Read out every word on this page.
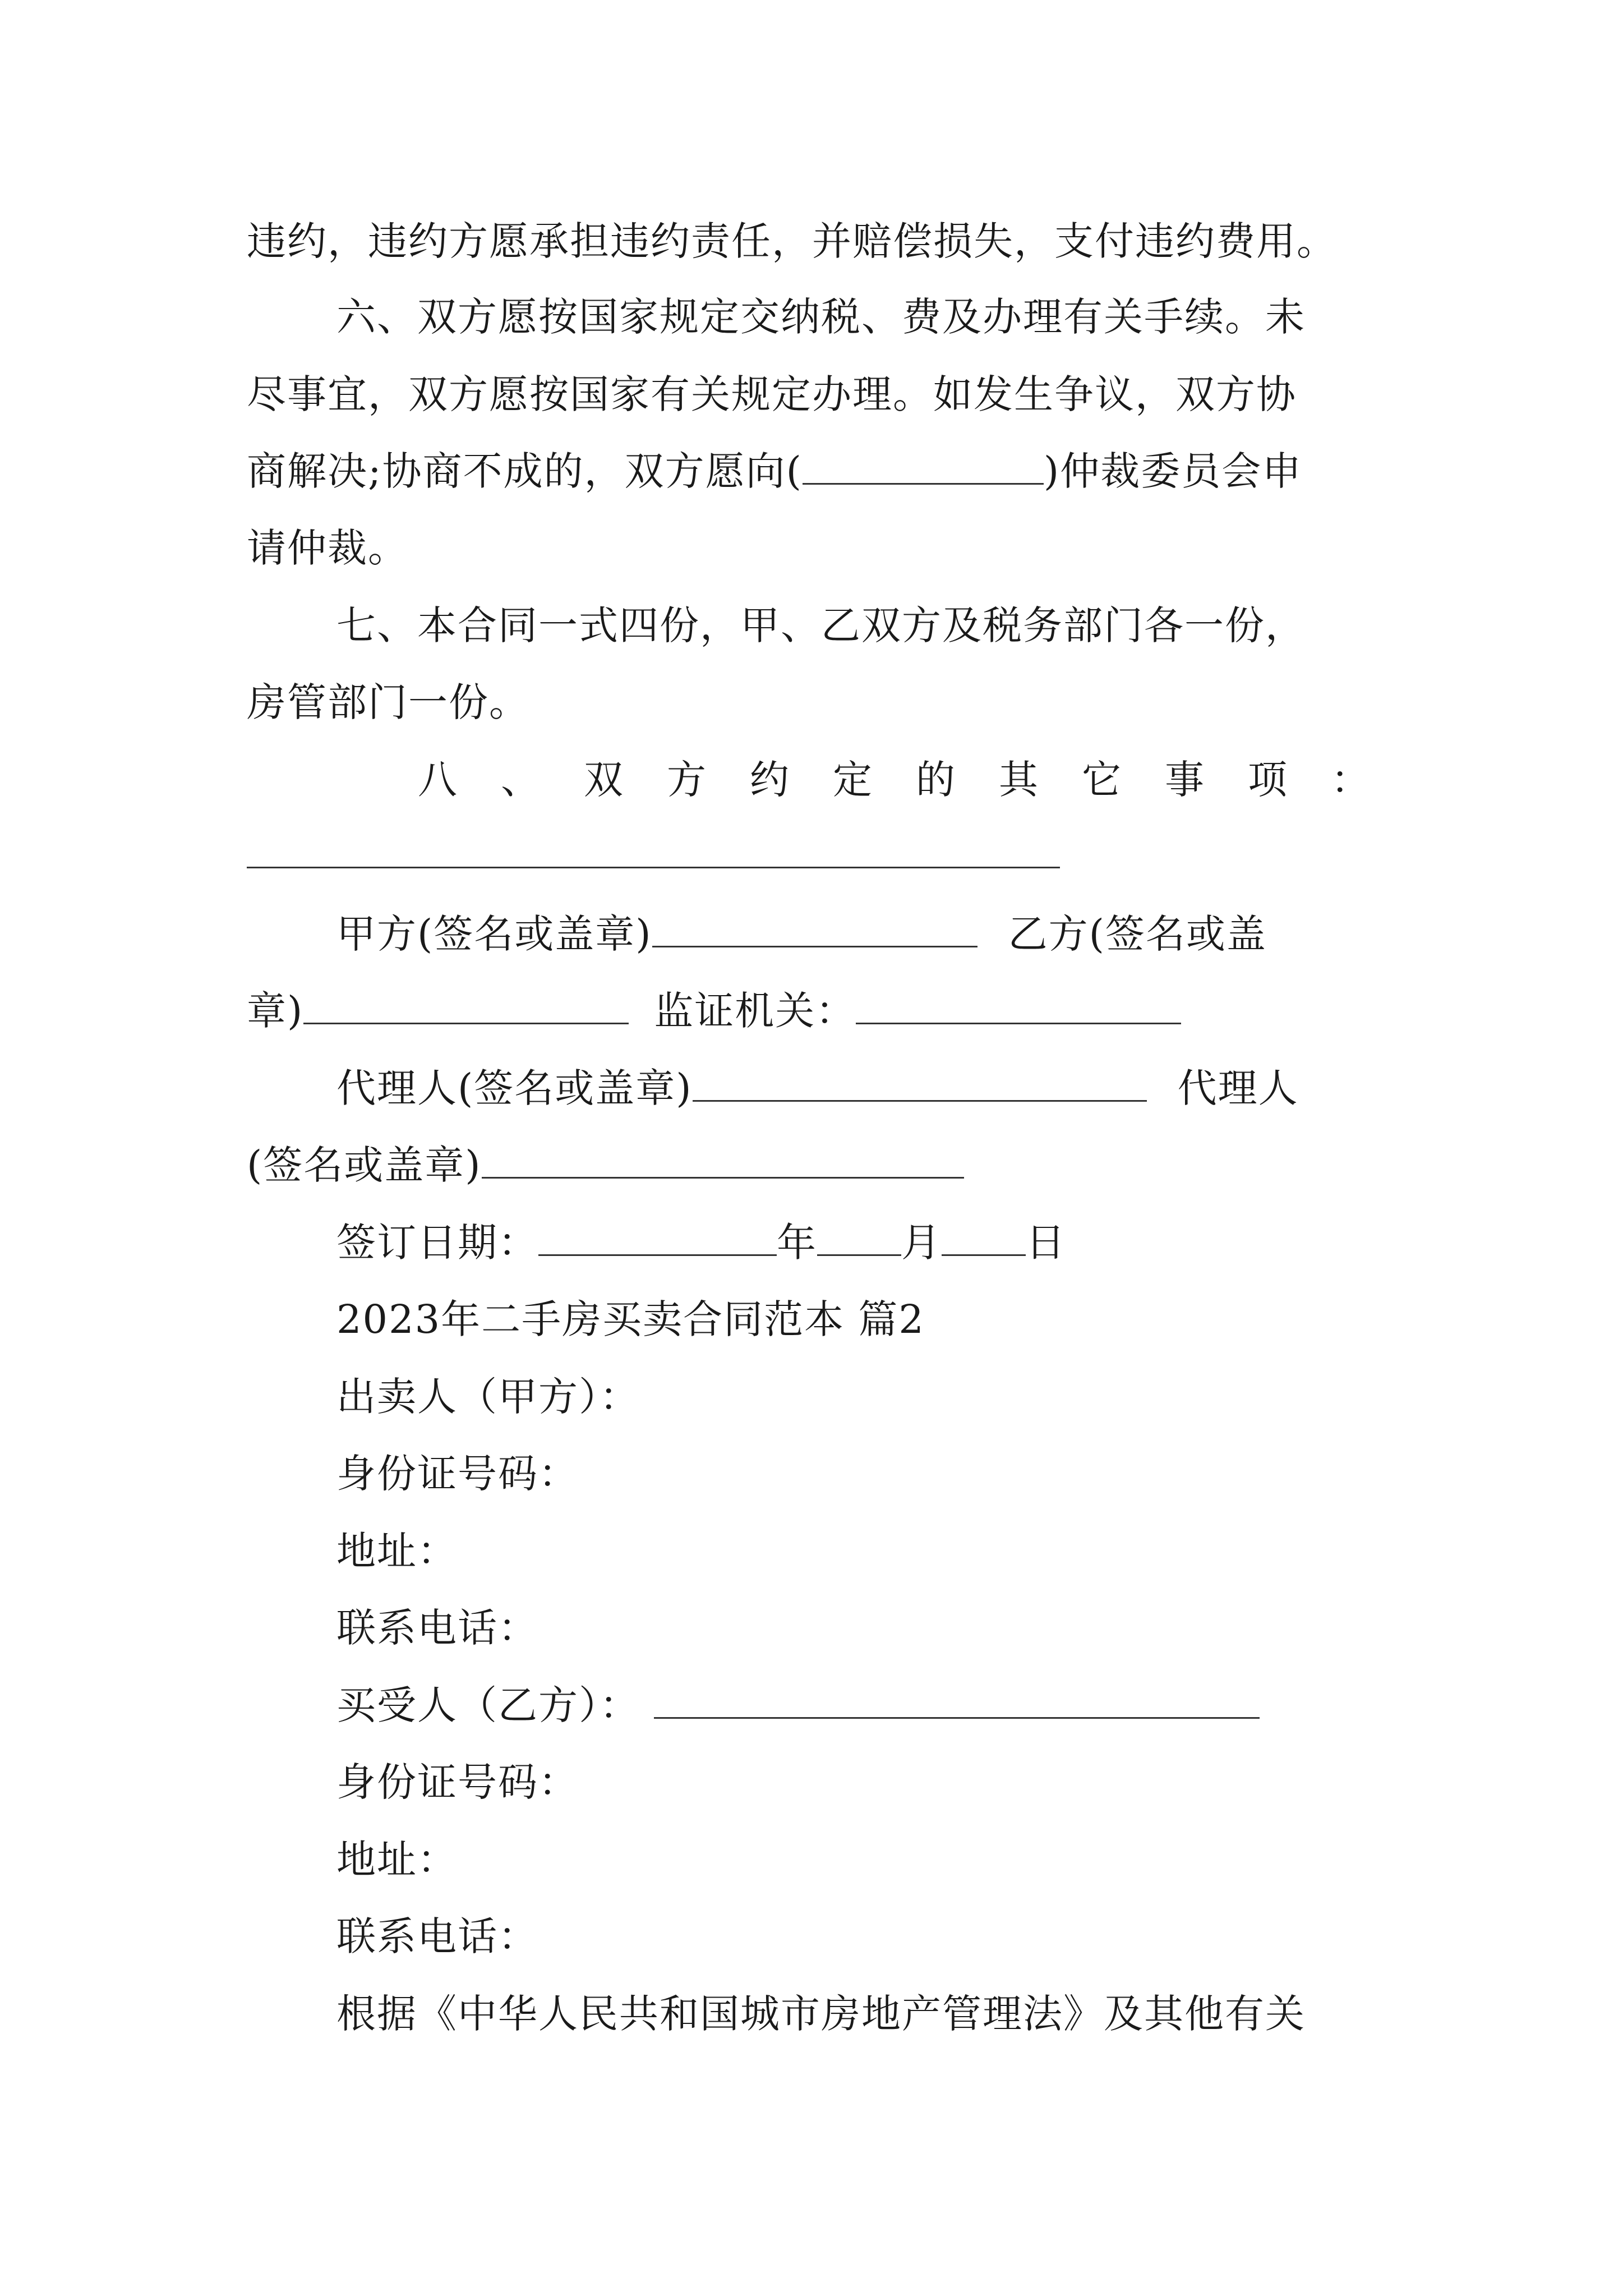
违约，违约方愿承担违约责任，并赔偿损失，支付违约费用。
六、双方愿按国家规定交纳税、费及办理有关手续。未
尽事宜，双方愿按国家有关规定办理。如发生争议，双方协
商解决;协商不成的，双方愿向(	)仲裁委员会申
请仲裁。
七、本合同一式四份，甲、乙双方及税务部门各一份，
房管部门一份。
八、双方约定的其它事项：
甲方(签名或盖章)	乙方(签名或盖
章)	监证机关：
代理人(签名或盖章)	代理人
(签名或盖章)
签订日期：	年 月 日
2023年二手房买卖合同范本 篇2
出卖人（甲方）：
身份证号码：
地址：
联系电话：
买受人（乙方）：
身份证号码：
地址：
联系电话：
根据《中华人民共和国城市房地产管理法》及其他有关
